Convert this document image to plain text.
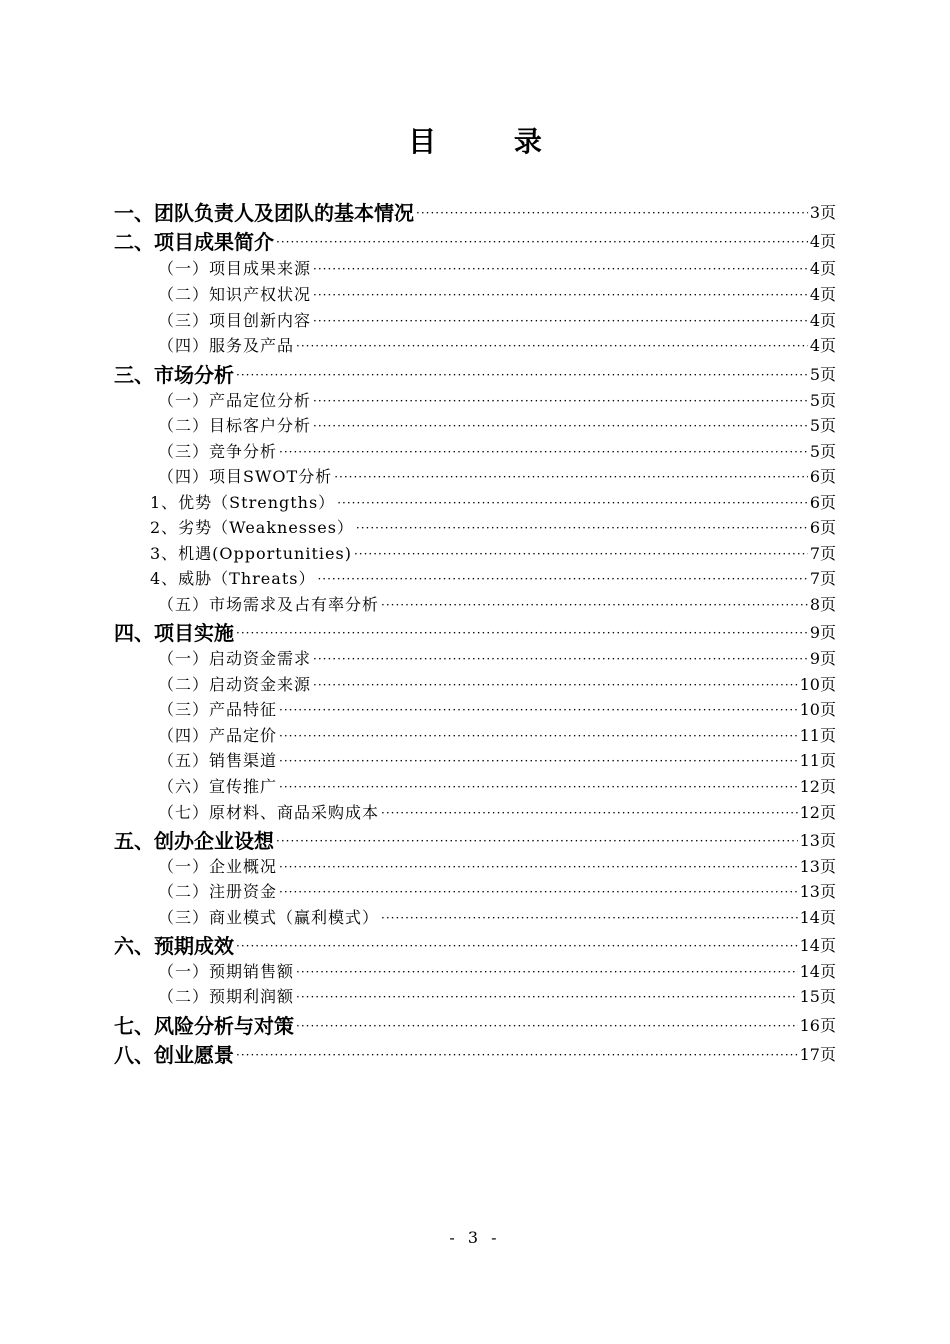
目 录
一、团队负责人及团队的基本情况 ·····	3页
二、项目成果简介 ·····	4页
（一）项目成果来源 ·····	4页
（二）知识产权状况 ·····	4页
（三）项目创新内容 ·····	4页
（四）服务及产品 ·····	4页
三、市场分析 ·····	5页
（一）产品定位分析 ·····	5页
（二）目标客户分析 ·····	5页
（三）竞争分析 ·····	5页
（四）项目SWOT分析 ·····	6页
1、优势（Strengths） ·····	6页
2、劣势（Weaknesses） ·····	6页
3、机遇(Opportunities) ·····	7页
4、威胁（Threats） ·····	7页
（五）市场需求及占有率分析 ·····	8页
四、项目实施 ·····	9页
（一）启动资金需求 ·····	9页
（二）启动资金来源 ·····	10页
（三）产品特征 ·····	10页
（四）产品定价 ·····	11页
（五）销售渠道 ·····	11页
（六）宣传推广 ·····	12页
（七）原材料、商品采购成本 ·····	12页
五、创办企业设想 ·····	13页
（一）企业概况 ·····	13页
（二）注册资金 ·····	13页
（三）商业模式（赢利模式） ·····	14页
六、预期成效 ·····	14页
（一）预期销售额 ·····	14页
（二）预期利润额 ·····	15页
七、风险分析与对策 ·····	16页
八、创业愿景 ·····	17页
- 3 -
